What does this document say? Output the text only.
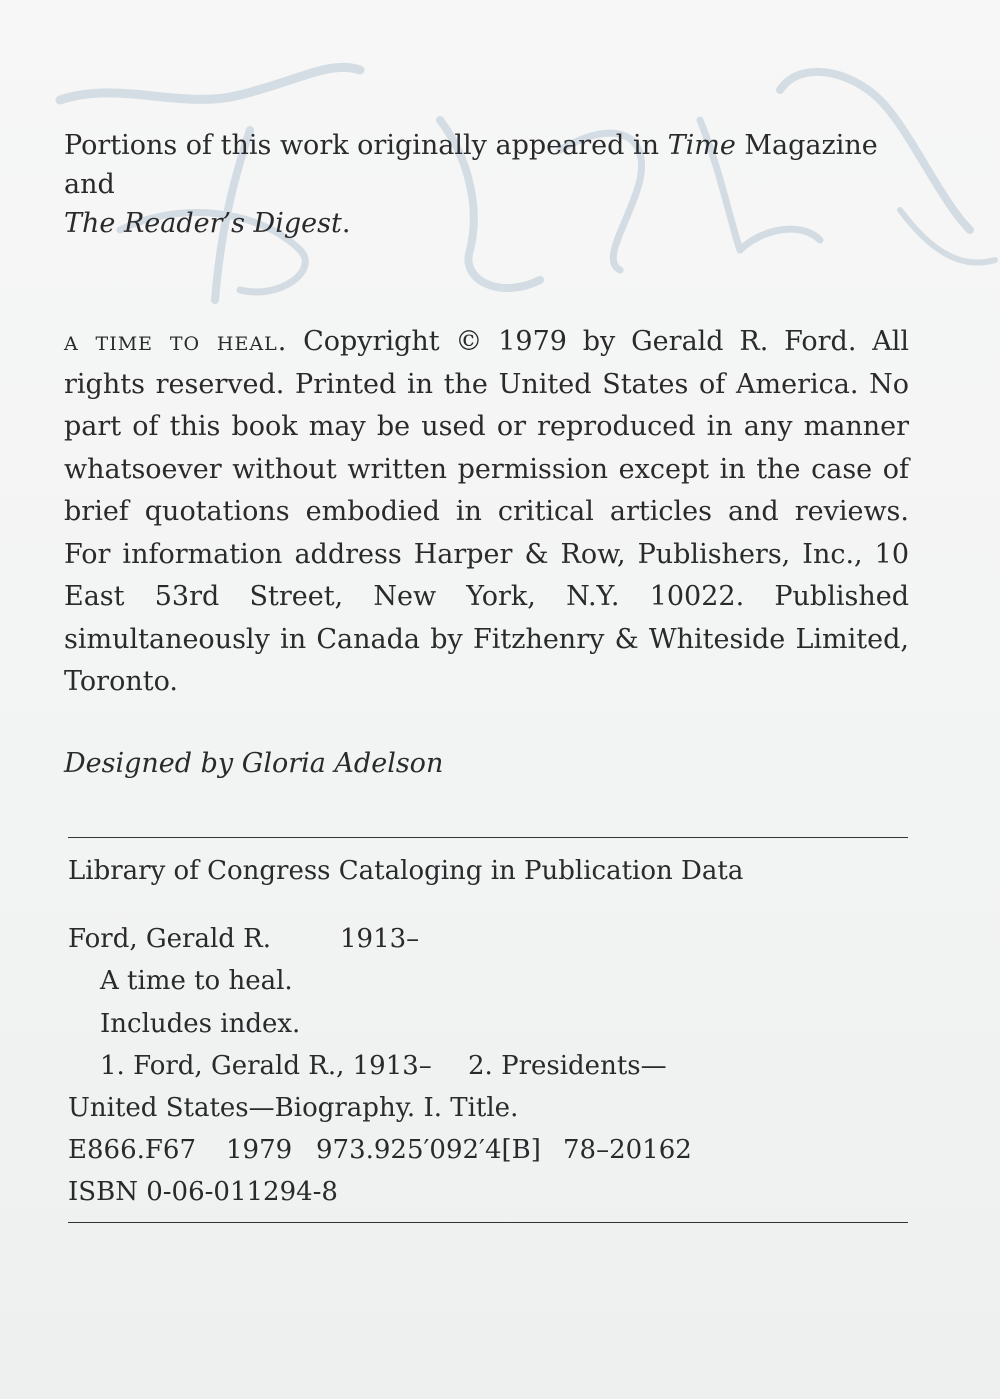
Portions of this work originally appeared in Time Magazine and
The Reader’s Digest.
a time to heal. Copyright © 1979 by Gerald R. Ford. All rights reserved. Printed in the United States of America. No part of this book may be used or reproduced in any manner whatsoever without written permission except in the case of brief quotations embodied in critical articles and reviews. For information address Harper & Row, Publishers, Inc., 10 East 53rd Street, New York, N.Y. 10022. Published simultaneously in Canada by Fitzhenry & Whiteside Limited, Toronto.
Designed by Gloria Adelson
Library of Congress Cataloging in Publication Data
Ford, Gerald R.	1913–
A time to heal.
Includes index.
1. Ford, Gerald R., 1913– 2. Presidents—
United States—Biography. I. Title.
E866.F67 1979 973.925′092′4[B] 78–20162
ISBN 0-06-011294-8
